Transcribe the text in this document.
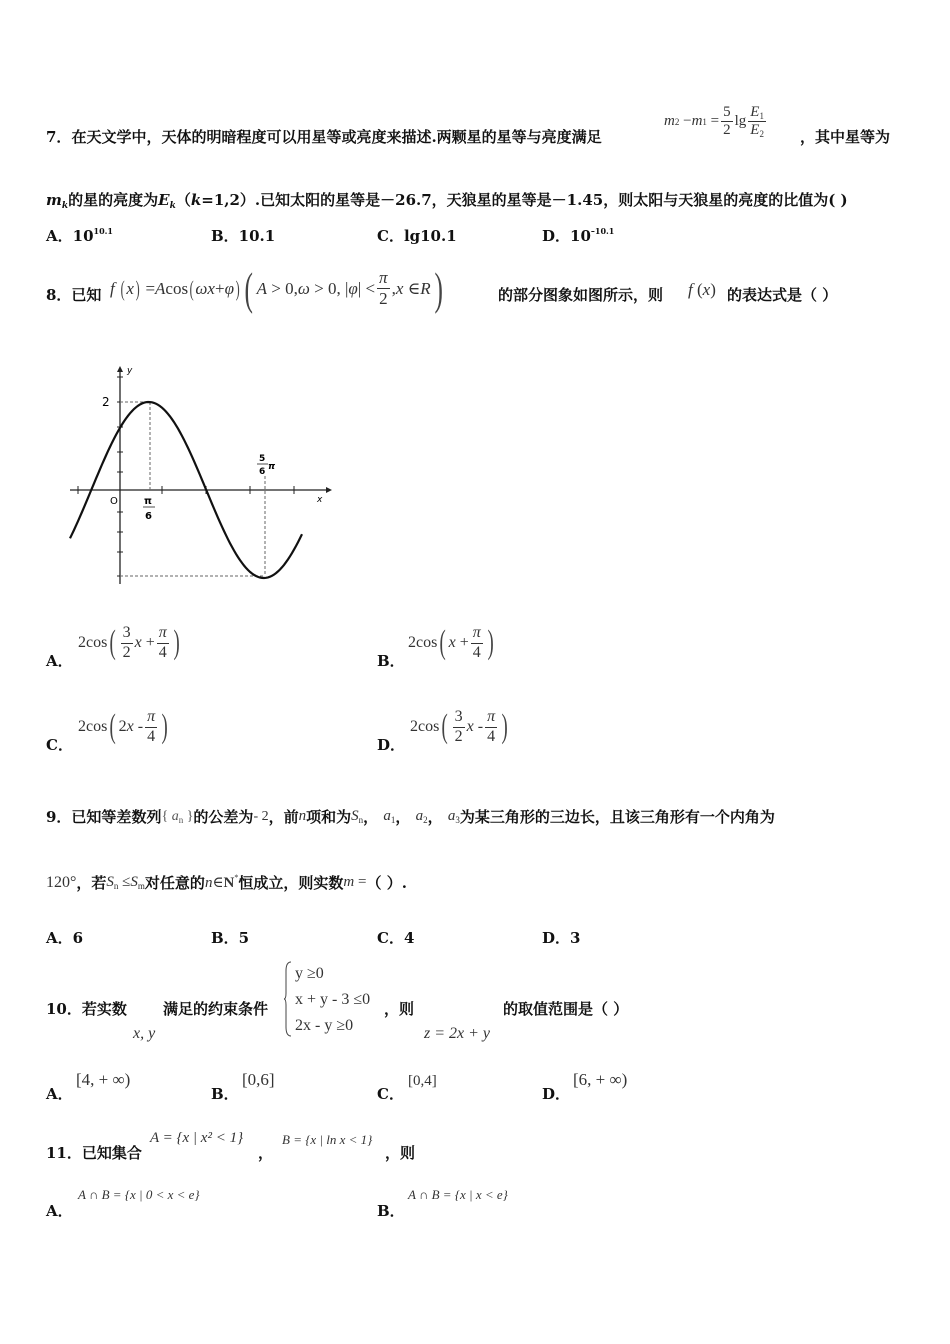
7．在天文学中，天体的明暗程度可以用星等或亮度来描述.两颗星的星等与亮度满足
m 2 − m $1 = \frac{5}{2}$ $\lg \frac{E_1}{E_2}$ ，其中星等为
$m_k$的星的亮度为$E_k(k=1,2)$.已知太阳的星等是－26.7，天狼星的星等是－1.45，则太阳与天狼星的亮度的比值为( )
A．$10^{10.1}$	B．10.1	C．lg10.1	D．$10^{-10.1}$
8．已知 f
( x ) = A cos ( ωx + φ ) ( A > 0, ω > 0, | φ | < $\frac{\pi}{2}$ , x ∈ R )	的部分图象如图所示，则 f (x) 的表达式是（ ）
y
x
O
2
π
6
5
6 π
A．
2cos ( $\frac{3}{2}$ $x + \frac{\pi}{4}$ )	B．
2cos ( $x + \frac{\pi}{4}$ )
C．
2cos ( 2 x - $\frac{\pi}{4}$ )	D．
2cos ( $\frac{3}{2}$ x - $\frac{\pi}{4}$ )
9．已知等差数列 { $a_n$ } 的公差为 - 2 ，前 n 项和为 $S_n$ ，
$a_1$ ，
$a_2$ ，
$a_3$ 为某三角形的三边长，且该三角形有一个内角为
120° ，若 $S_n \le S_m$ 对任意的 n∈N* 恒成立，则实数 m = （ ）.
A．6	B．5	C．4	D．3
10．若实数
x, y
满足的约束条件
y ≥0
x + y - 3 ≤0
2x - y ≥0
，则
z = 2x + y
的取值范围是（ ）
A．
[4, + ∞)
B．
[0,6]
C．
[0,4]
D．
[6, + ∞)
11．已知集合
A = {x | x² < 1}
，
B = {x | ln x < 1}
，则
A．
A ∩ B = {x | 0 < x < e}
B．
A ∩ B = {x | x < e}
